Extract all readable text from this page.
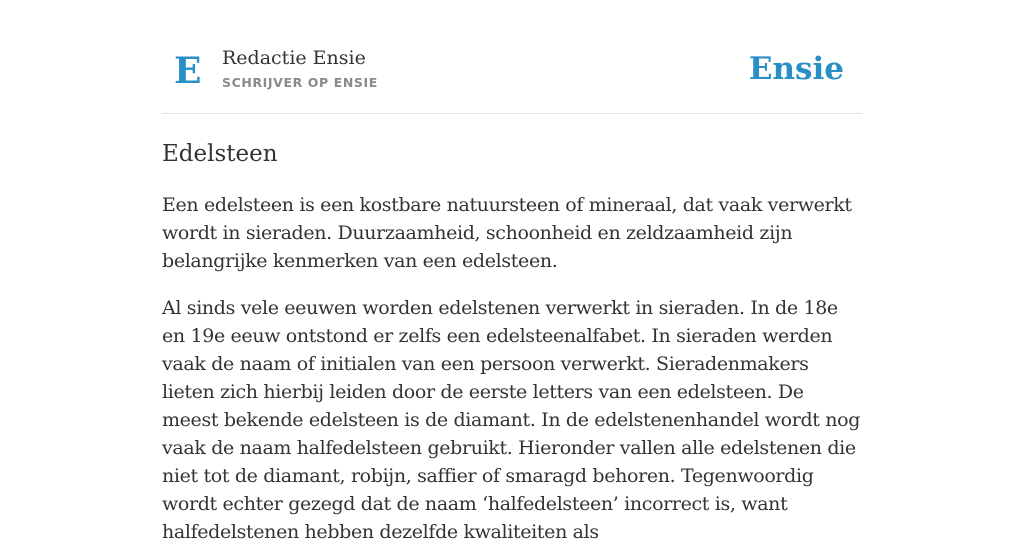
E Redactie Ensie
SCHRIJVER OP ENSIE	Ensie
Edelsteen

Een edelsteen is een kostbare natuursteen of mineraal, dat vaak verwerkt wordt in sieraden. Duurzaamheid, schoonheid en zeldzaamheid zijn belangrijke kenmerken van een edelsteen.

Al sinds vele eeuwen worden edelstenen verwerkt in sieraden. In de 18e en 19e eeuw ontstond er zelfs een edelsteenalfabet. In sieraden werden vaak de naam of initialen van een persoon verwerkt. Sieradenmakers lieten zich hierbij leiden door de eerste letters van een edelsteen. De meest bekende edelsteen is de diamant. In de edelstenenhandel wordt nog vaak de naam halfedelsteen gebruikt. Hieronder vallen alle edelstenen die niet tot de diamant, robijn, saffier of smaragd behoren. Tegenwoordig wordt echter gezegd dat de naam ‘halfedelsteen’ incorrect is, want halfedelstenen hebben dezelfde kwaliteiten als
